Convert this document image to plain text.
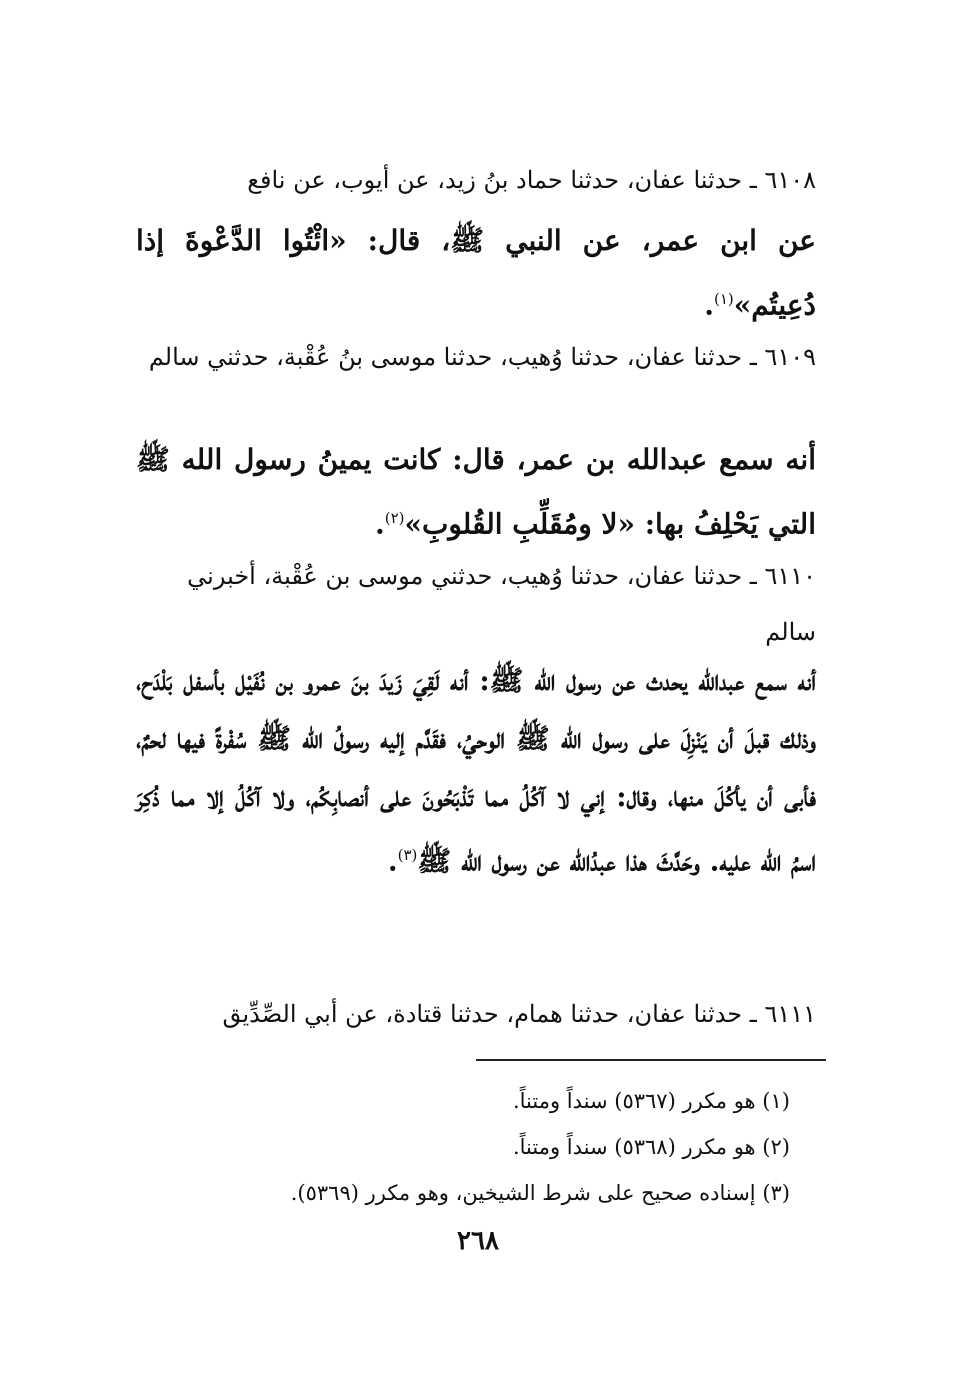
٦١٠٨ ـ حدثنا عفان، حدثنا حماد بنُ زيد، عن أيوب، عن نافع
عن ابن عمر، عن النبي ﷺ، قال: «ائْتُوا الدَّعْوةَ إذا دُعِيتُم»$^{(١)}$.
٦١٠٩ ـ حدثنا عفان، حدثنا وُهيب، حدثنا موسى بنُ عُقْبة، حدثني سالم
أنه سمع عبدالله بن عمر، قال: كانت يمينُ رسول الله ﷺ التي يَحْلِفُ بها: «لا ومُقَلِّبِ القُلوبِ»$^{(٢)}$.
٦١١٠ ـ حدثنا عفان، حدثنا وُهيب، حدثني موسى بن عُقْبة، أخبرني سالم
أنه سمع عبدالله يحدث عن رسول الله ﷺ: أنه لَقِيَ زَيدَ بنَ عمرو بن نُفَيْل بأسفل بَلْدَح، وذلك قبلَ أن يَنْزِلَ على رسول الله ﷺ الوحيُ، فقَدَّم إليه رسولُ الله ﷺ سُفْرةً فيها لحمٌ، فأبى أن يأكُلَ منها، وقال: إني لا آكُلُ مما تَذْبَحُونَ على أنصابِكُم، ولا آكُلُ إلا مما ذُكِرَ اسمُ الله عليه. وحَدَّثَ هذا عبدُالله عن رسول الله ﷺ$^{(٣)}$.
٦١١١ ـ حدثنا عفان، حدثنا همام، حدثنا قتادة، عن أبي الصِّدِّيق
(١) هو مكرر (٥٣٦٧) سنداً ومتناً.
(٢) هو مكرر (٥٣٦٨) سنداً ومتناً.
(٣) إسناده صحيح على شرط الشيخين، وهو مكرر (٥٣٦٩).
٢٦٨
